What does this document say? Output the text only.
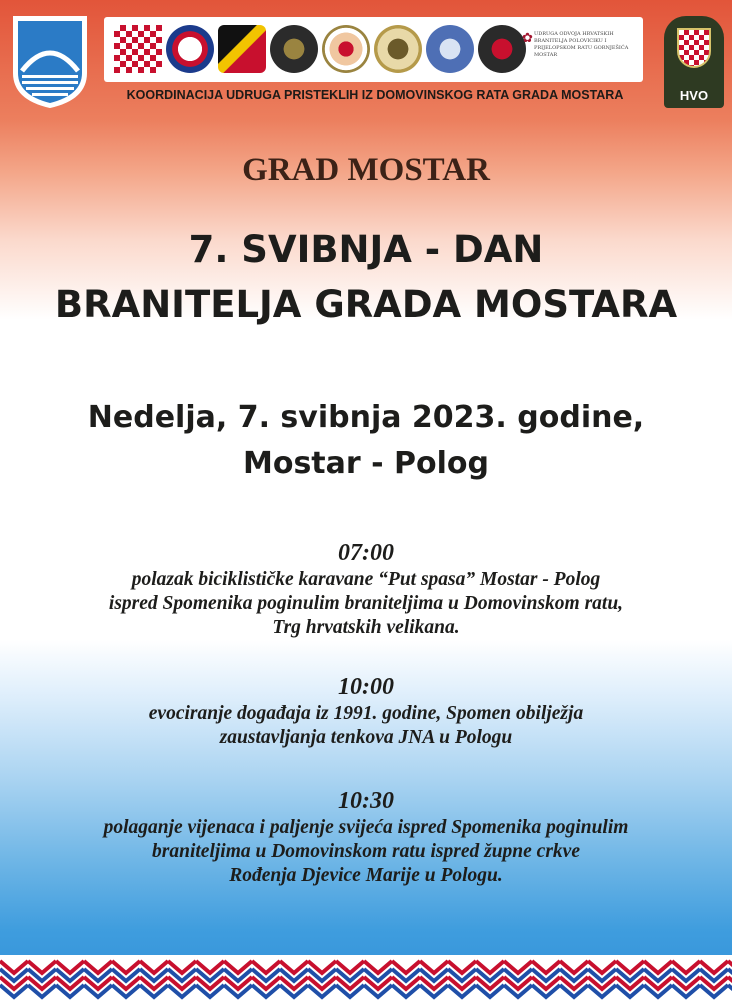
✿ UDRUGA ODVOJA HRVATSKIH BRANITELJA POLOVICIKU I PRIJELOPSKOM RATU GORNJEŠIĆA MOSTAR
HVO
KOORDINACIJA UDRUGA PRISTEKLIH IZ DOMOVINSKOG RATA GRADA MOSTARA
GRAD MOSTAR
7. SVIBNJA - DAN
BRANITELJA GRADA MOSTARA
Nedelja, 7. svibnja 2023. godine,
Mostar - Polog
07:00
polazak biciklističke karavane “Put spasa” Mostar - Polog
ispred Spomenika poginulim braniteljima u Domovinskom ratu,
Trg hrvatskih velikana.
10:00
evociranje događaja iz 1991. godine, Spomen obilježja
zaustavljanja tenkova JNA u Pologu
10:30
polaganje vijenaca i paljenje svijeća ispred Spomenika poginulim
braniteljima u Domovinskom ratu ispred župne crkve
Rođenja Djevice Marije u Pologu.
